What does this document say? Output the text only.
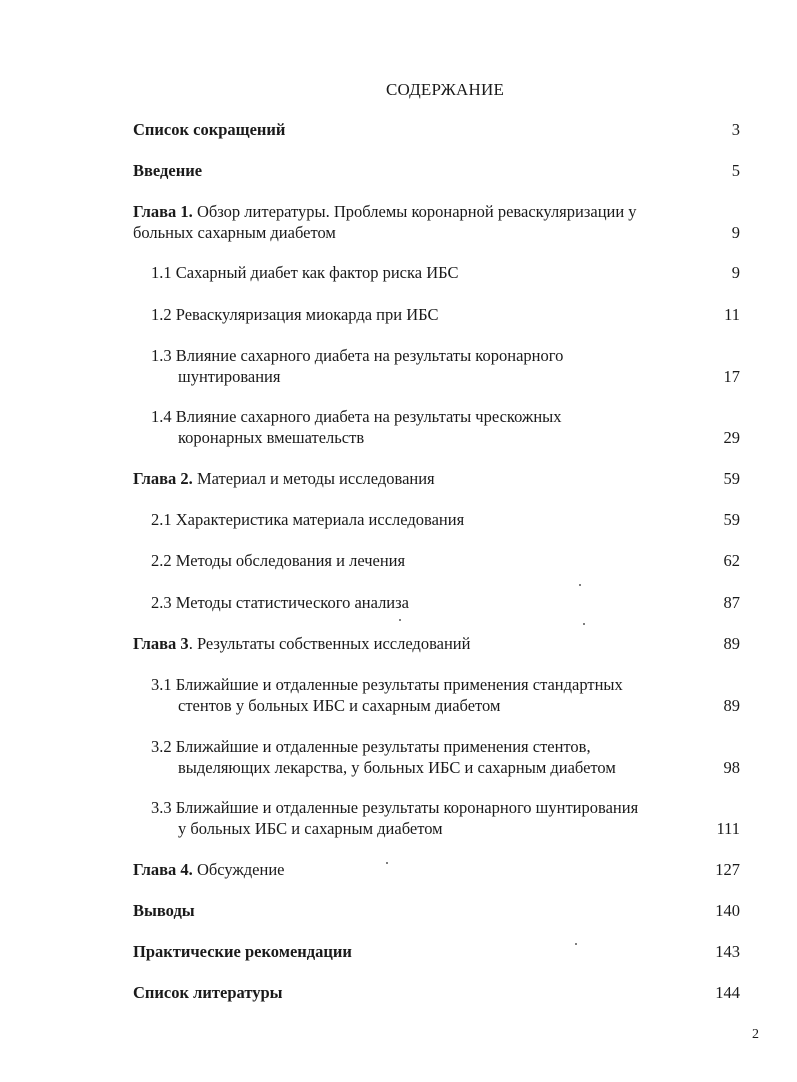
СОДЕРЖАНИЕ
Список сокращений	3
Введение	5
Глава 1. Обзор литературы. Проблемы коронарной реваскуляризации у
больных сахарным диабетом	9
1.1 Сахарный диабет как фактор риска ИБС	9
1.2 Реваскуляризация миокарда при ИБС	11
1.3 Влияние сахарного диабета на результаты коронарного
шунтирования	17
1.4 Влияние сахарного диабета на результаты чрескожных
коронарных вмешательств	29
Глава 2. Материал и методы исследования	59
2.1 Характеристика материала исследования	59
2.2 Методы обследования и лечения	62
2.3 Методы статистического анализа	87
Глава 3. Результаты собственных исследований	89
3.1 Ближайшие и отдаленные результаты применения стандартных
стентов у больных ИБС и сахарным диабетом	89
3.2 Ближайшие и отдаленные результаты применения стентов,
выделяющих лекарства, у больных ИБС и сахарным диабетом	98
3.3 Ближайшие и отдаленные результаты коронарного шунтирования
у больных ИБС и сахарным диабетом	111
Глава 4. Обсуждение	127
Выводы	140
Практические рекомендации	143
Список литературы	144
2
